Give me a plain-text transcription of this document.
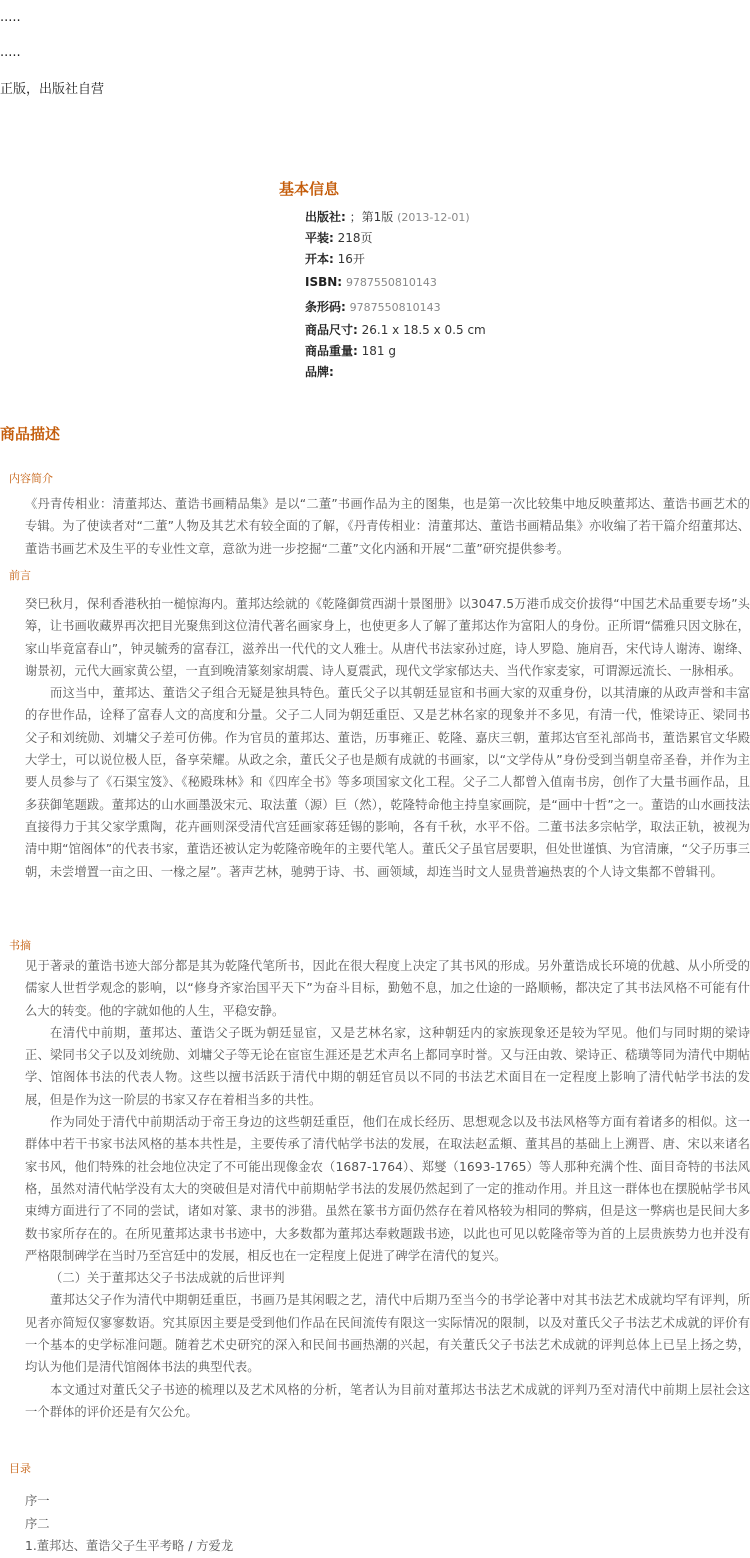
.....
.....
正版，出版社自营
基本信息
出版社: ；第1版 (2013-12-01)
平装: 218页
开本: 16开
ISBN: 9787550810143
条形码: 9787550810143
商品尺寸: 26.1 x 18.5 x 0.5 cm
商品重量: 181 g
品牌:
商品描述
内容简介
《丹青传相业：清董邦达、董诰书画精品集》是以“二董”书画作品为主的图集，也是第一次比较集中地反映董邦达、董诰书画艺术的专辑。为了使读者对“二董”人物及其艺术有较全面的了解，《丹青传相业：清董邦达、董诰书画精品集》亦收编了若干篇介绍董邦达、董诰书画艺术及生平的专业性文章，意欲为进一步挖掘“二董”文化内涵和开展“二董”研究提供参考。
前言
癸巳秋月，保利香港秋拍一槌惊海内。董邦达绘就的《乾隆御赏西湖十景图册》以3047.5万港币成交价拔得“中国艺术品重要专场”头筹，让书画收藏界再次把目光聚焦到这位清代著名画家身上，也使更多人了解了董邦达作为富阳人的身份。正所谓“儒雅只因文脉在，家山毕竟富春山”，钟灵毓秀的富春江，滋养出一代代的文人雅士。从唐代书法家孙过庭，诗人罗隐、施肩吾，宋代诗人谢涛、谢绛、谢景初，元代大画家黄公望，一直到晚清篆刻家胡震、诗人夏震武，现代文学家郁达夫、当代作家麦家，可谓源远流长、一脉相承。
而这当中，董邦达、董诰父子组合无疑是独具特色。董氏父子以其朝廷显宦和书画大家的双重身份，以其清廉的从政声誉和丰富的存世作品，诠释了富春人文的高度和分量。父子二人同为朝廷重臣、又是艺林名家的现象并不多见，有清一代，惟梁诗正、梁同书父子和刘统勋、刘墉父子差可仿佛。作为官员的董邦达、董诰，历事雍正、乾隆、嘉庆三朝，董邦达官至礼部尚书，董诰累官文华殿大学士，可以说位极人臣，备享荣耀。从政之余，董氏父子也是颇有成就的书画家，以“文学侍从”身份受到当朝皇帝圣眷，并作为主要人员参与了《石渠宝笈》、《秘殿珠林》和《四库全书》等多项国家文化工程。父子二人都曾入值南书房，创作了大量书画作品，且多获御笔题跋。董邦达的山水画墨汲宋元、取法董（源）巨（然），乾隆特命他主持皇家画院，是“画中十哲”之一。董诰的山水画技法直接得力于其父家学熏陶，花卉画则深受清代宫廷画家蒋廷锡的影响，各有千秋，水平不俗。二董书法多宗帖学，取法正轨，被视为清中期“馆阁体”的代表书家，董诰还被认定为乾隆帝晚年的主要代笔人。董氏父子虽官居要职，但处世谨慎、为官清廉，“父子历事三朝，未尝增置一亩之田、一椽之屋”。著声艺林，驰骋于诗、书、画领域，却连当时文人显贵普遍热衷的个人诗文集都不曾辑刊。
书摘
见于著录的董诰书迹大部分都是其为乾隆代笔所书，因此在很大程度上决定了其书风的形成。另外董诰成长环境的优越、从小所受的儒家人世哲学观念的影响，以“修身齐家治国平天下”为奋斗目标，勤勉不息，加之仕途的一路顺畅，都决定了其书法风格不可能有什么大的转变。他的字就如他的人生，平稳安静。
在清代中前期，董邦达、董诰父子既为朝廷显宦，又是艺林名家，这种朝廷内的家族现象还是较为罕见。他们与同时期的梁诗正、梁同书父子以及刘统勋、刘墉父子等无论在宦宦生涯还是艺术声名上都同享时誉。又与汪由敦、梁诗正、嵇璜等同为清代中期帖学、馆阁体书法的代表人物。这些以擅书活跃于清代中期的朝廷官员以不同的书法艺术面目在一定程度上影响了清代帖学书法的发展，但是作为这一阶层的书家又存在着相当多的共性。
作为同处于清代中前期活动于帝王身边的这些朝廷重臣，他们在成长经历、思想观念以及书法风格等方面有着诸多的相似。这一群体中若干书家书法风格的基本共性是，主要传承了清代帖学书法的发展，在取法赵孟頫、董其昌的基础上上溯晋、唐、宋以来诸名家书风，他们特殊的社会地位决定了不可能出现像金农（1687-1764）、郑燮（1693-1765）等人那种充满个性、面目奇特的书法风格，虽然对清代帖学没有太大的突破但是对清代中前期帖学书法的发展仍然起到了一定的推动作用。并且这一群体也在摆脱帖学书风束缚方面进行了不同的尝试，诸如对篆、隶书的涉猎。虽然在篆书方面仍然存在着风格较为相同的弊病，但是这一弊病也是民间大多数书家所存在的。在所见董邦达隶书书迹中，大多数都为董邦达奉敕题跋书迹，以此也可见以乾隆帝等为首的上层贵族势力也并没有严格限制碑学在当时乃至宫廷中的发展，相反也在一定程度上促进了碑学在清代的复兴。
（二）关于董邦达父子书法成就的后世评判
董邦达父子作为清代中期朝廷重臣，书画乃是其闲暇之艺，清代中后期乃至当今的书学论著中对其书法艺术成就均罕有评判，所见者亦简短仅寥寥数语。究其原因主要是受到他们作品在民间流传有限这一实际情况的限制，以及对董氏父子书法艺术成就的评价有一个基本的史学标准问题。随着艺术史研究的深入和民间书画热潮的兴起，有关董氏父子书法艺术成就的评判总体上已呈上扬之势，均认为他们是清代馆阁体书法的典型代表。
本文通过对董氏父子书迹的梳理以及艺术风格的分析，笔者认为目前对董邦达书法艺术成就的评判乃至对清代中前期上层社会这一个群体的评价还是有欠公允。
目录
序一
序二
1.董邦达、董诰父子生平考略 / 方爱龙
